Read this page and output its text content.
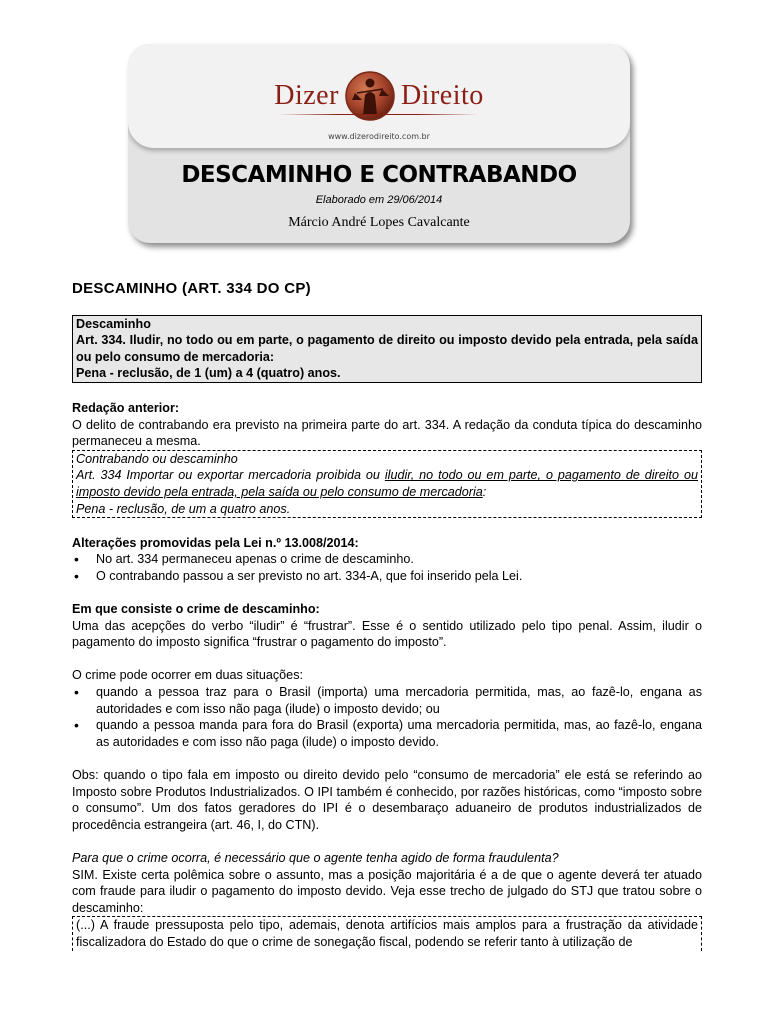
Dizer Direito
www.dizerodireito.com.br
DESCAMINHO E CONTRABANDO
Elaborado em 29/06/2014
Márcio André Lopes Cavalcante

DESCAMINHO (ART. 334 DO CP)

Descaminho

Art. 334. Iludir, no todo ou em parte, o pagamento de direito ou imposto devido pela entrada, pela saída ou pelo consumo de mercadoria:

Pena - reclusão, de 1 (um) a 4 (quatro) anos.

Redação anterior:

O delito de contrabando era previsto na primeira parte do art. 334. A redação da conduta típica do descaminho permaneceu a mesma.

Contrabando ou descaminho

Art. 334 Importar ou exportar mercadoria proibida ou iludir, no todo ou em parte, o pagamento de direito ou imposto devido pela entrada, pela saída ou pelo consumo de mercadoria:

Pena - reclusão, de um a quatro anos.

Alterações promovidas pela Lei n.º 13.008/2014:

• No art. 334 permaneceu apenas o crime de descaminho.
• O contrabando passou a ser previsto no art. 334-A, que foi inserido pela Lei.

Em que consiste o crime de descaminho:

Uma das acepções do verbo “iludir” é “frustrar”. Esse é o sentido utilizado pelo tipo penal. Assim, iludir o pagamento do imposto significa “frustrar o pagamento do imposto”.

O crime pode ocorrer em duas situações:

• quando a pessoa traz para o Brasil (importa) uma mercadoria permitida, mas, ao fazê-lo, engana as autoridades e com isso não paga (ilude) o imposto devido; ou
• quando a pessoa manda para fora do Brasil (exporta) uma mercadoria permitida, mas, ao fazê-lo, engana as autoridades e com isso não paga (ilude) o imposto devido.

Obs: quando o tipo fala em imposto ou direito devido pelo “consumo de mercadoria” ele está se referindo ao Imposto sobre Produtos Industrializados. O IPI também é conhecido, por razões históricas, como “imposto sobre o consumo”. Um dos fatos geradores do IPI é o desembaraço aduaneiro de produtos industrializados de procedência estrangeira (art. 46, I, do CTN).

Para que o crime ocorra, é necessário que o agente tenha agido de forma fraudulenta?

SIM. Existe certa polêmica sobre o assunto, mas a posição majoritária é a de que o agente deverá ter atuado com fraude para iludir o pagamento do imposto devido. Veja esse trecho de julgado do STJ que tratou sobre o descaminho:

(...) A fraude pressuposta pelo tipo, ademais, denota artifícios mais amplos para a frustração da atividade fiscalizadora do Estado do que o crime de sonegação fiscal, podendo se referir tanto à utilização de
